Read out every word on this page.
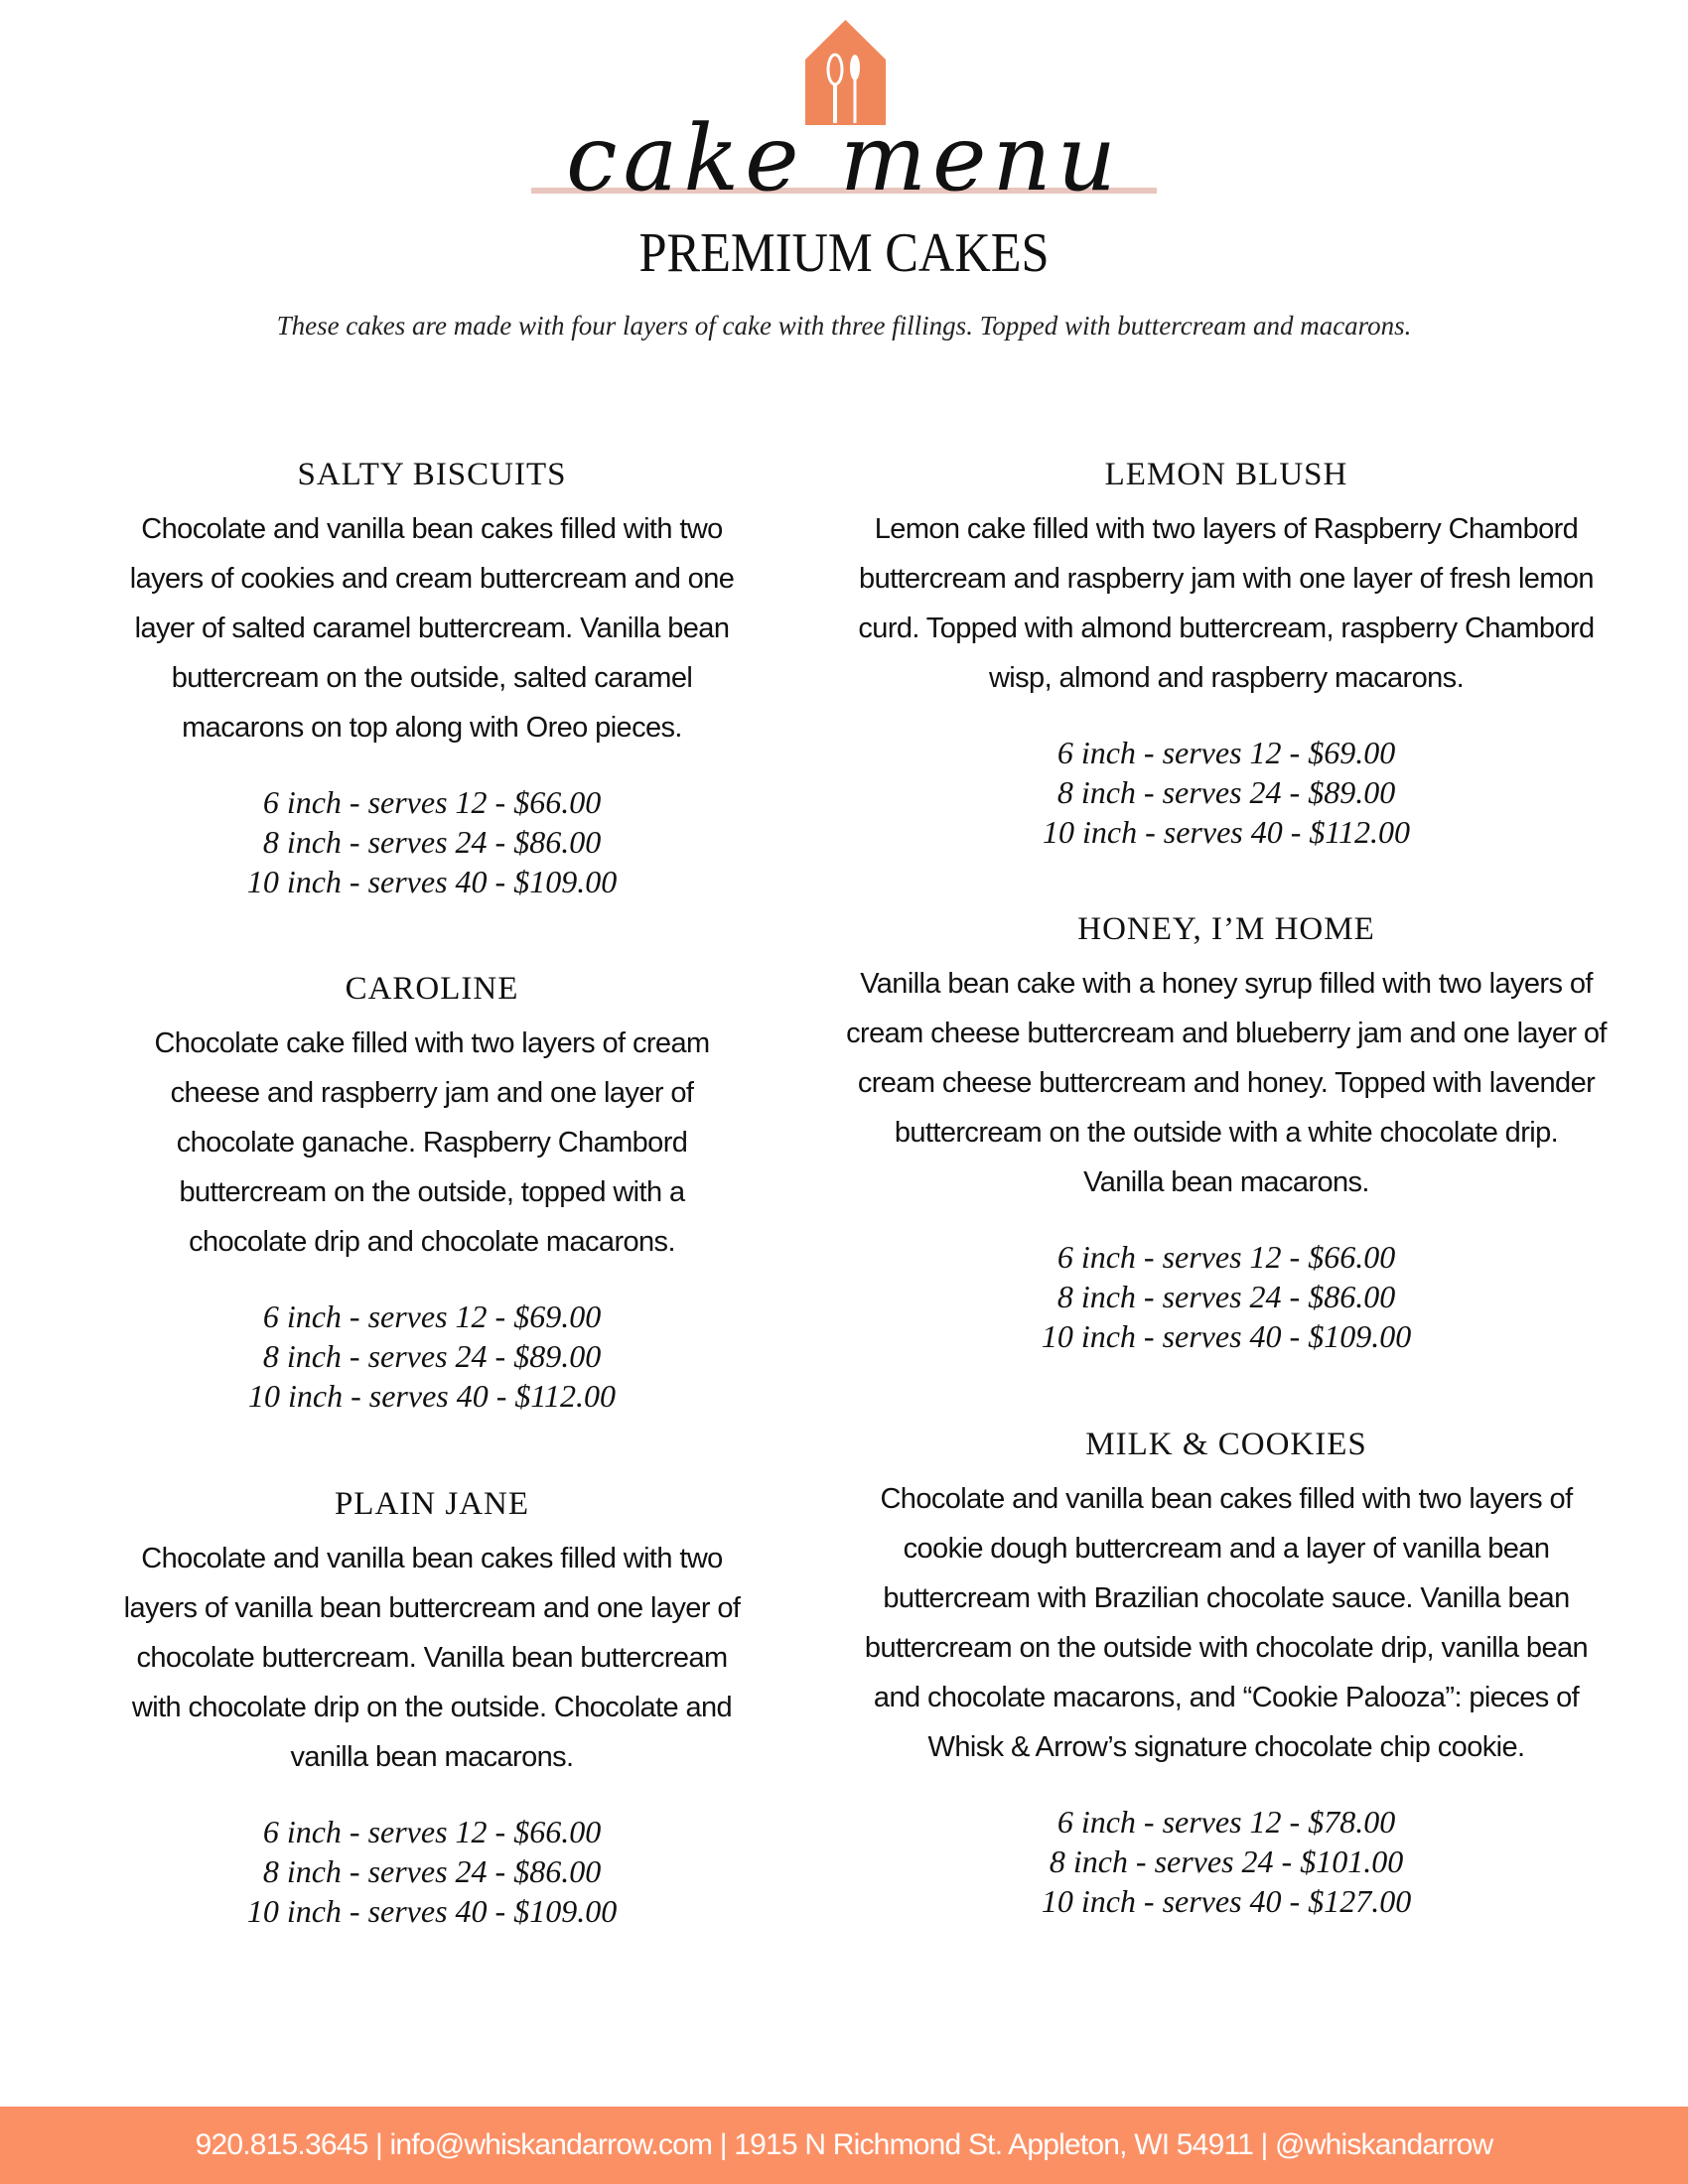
cake menu
PREMIUM CAKES
These cakes are made with four layers of cake with three fillings. Topped with buttercream and macarons.
SALTY BISCUITS
Chocolate and vanilla bean cakes filled with two
layers of cookies and cream buttercream and one
layer of salted caramel buttercream. Vanilla bean
buttercream on the outside, salted caramel
macarons on top along with Oreo pieces.
6 inch - serves 12 - $66.00
8 inch - serves 24 - $86.00
10 inch - serves 40 - $109.00
CAROLINE
Chocolate cake filled with two layers of cream
cheese and raspberry jam and one layer of
chocolate ganache. Raspberry Chambord
buttercream on the outside, topped with a
chocolate drip and chocolate macarons.
6 inch - serves 12 - $69.00
8 inch - serves 24 - $89.00
10 inch - serves 40 - $112.00
PLAIN JANE
Chocolate and vanilla bean cakes filled with two
layers of vanilla bean buttercream and one layer of
chocolate buttercream. Vanilla bean buttercream
with chocolate drip on the outside. Chocolate and
vanilla bean macarons.
6 inch - serves 12 - $66.00
8 inch - serves 24 - $86.00
10 inch - serves 40 - $109.00
LEMON BLUSH
Lemon cake filled with two layers of Raspberry Chambord
buttercream and raspberry jam with one layer of fresh lemon
curd. Topped with almond buttercream, raspberry Chambord
wisp, almond and raspberry macarons.
6 inch - serves 12 - $69.00
8 inch - serves 24 - $89.00
10 inch - serves 40 - $112.00
HONEY, I’M HOME
Vanilla bean cake with a honey syrup filled with two layers of
cream cheese buttercream and blueberry jam and one layer of
cream cheese buttercream and honey. Topped with lavender
buttercream on the outside with a white chocolate drip.
Vanilla bean macarons.
6 inch - serves 12 - $66.00
8 inch - serves 24 - $86.00
10 inch - serves 40 - $109.00
MILK & COOKIES
Chocolate and vanilla bean cakes filled with two layers of
cookie dough buttercream and a layer of vanilla bean
buttercream with Brazilian chocolate sauce. Vanilla bean
buttercream on the outside with chocolate drip, vanilla bean
and chocolate macarons, and “Cookie Palooza”: pieces of
Whisk & Arrow’s signature chocolate chip cookie.
6 inch - serves 12 - $78.00
8 inch - serves 24 - $101.00
10 inch - serves 40 - $127.00
920.815.3645 | info@whiskandarrow.com | 1915 N Richmond St. Appleton, WI 54911 | @whiskandarrow
